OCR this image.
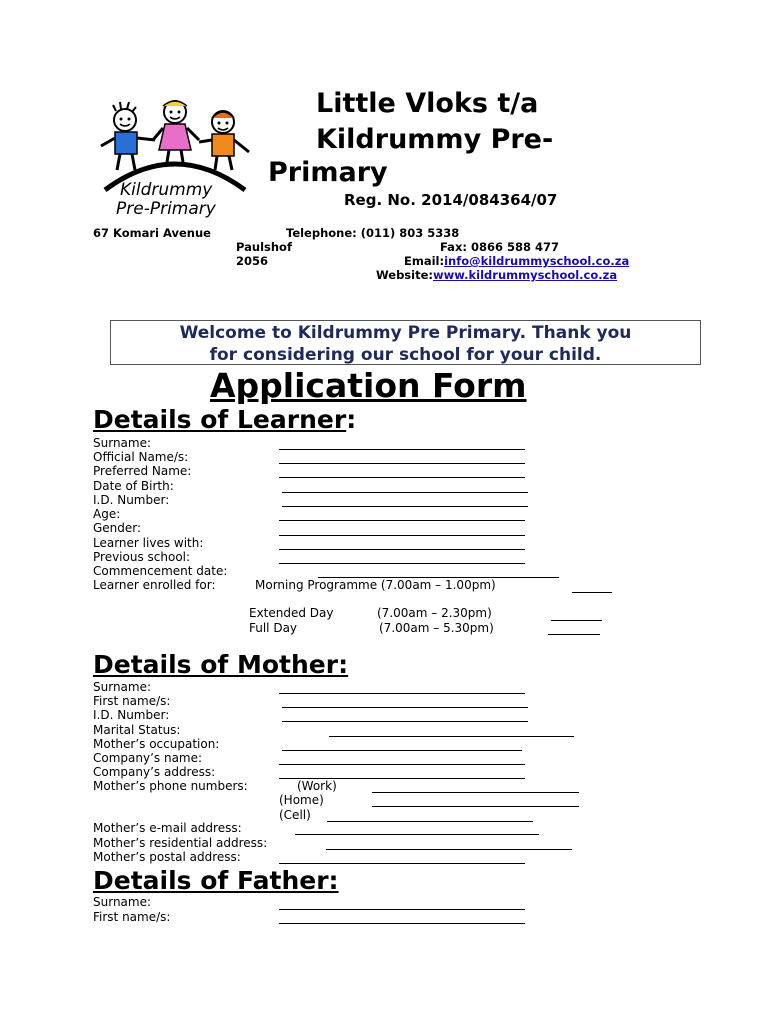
Kildrummy
Pre-Primary
Little Vloks t/a
Kildrummy Pre-
Primary
Reg. No. 2014/084364/07
67 Komari Avenue
Paulshof
2056
Telephone: (011) 803 5338
Fax: 0866 588 477
Email:info@kildrummyschool.co.za
Website:www.kildrummyschool.co.za
Welcome to Kildrummy Pre Primary. Thank you
for considering our school for your child.
Application Form
Details of Learner:
Surname:
Official Name/s:
Preferred Name:
Date of Birth:
I.D. Number:
Age:
Gender:
Learner lives with:
Previous school:
Commencement date:
Learner enrolled for:	Morning Programme (7.00am – 1.00pm)
Extended Day	(7.00am – 2.30pm)
Full Day	(7.00am – 5.30pm)
Details of Mother:
Surname:
First name/s:
I.D. Number:
Marital Status:
Mother’s occupation:
Company’s name:
Company’s address:
Mother’s phone numbers:	(Work)
(Home)
(Cell)
Mother’s e-mail address:
Mother’s residential address:
Mother’s postal address:
Details of Father:
Surname:
First name/s:
